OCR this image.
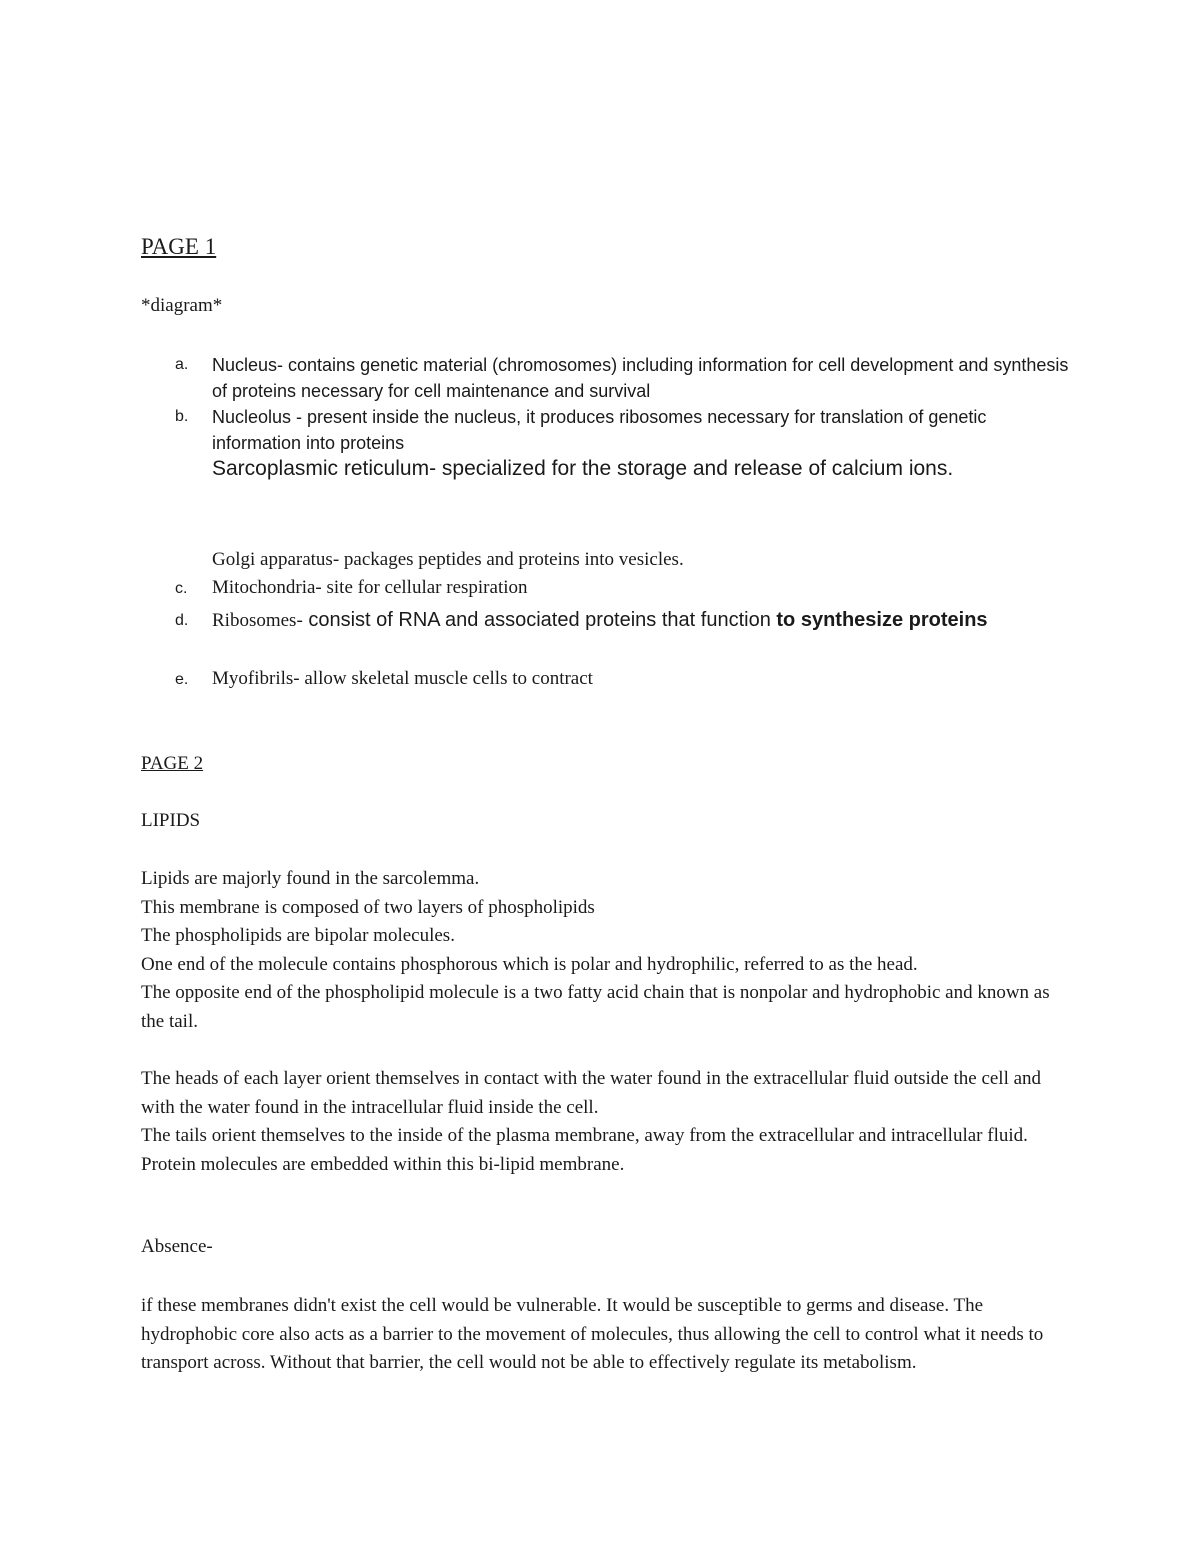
PAGE 1
*diagram*
a. Nucleus- contains genetic material (chromosomes) including information for cell development and synthesis of proteins necessary for cell maintenance and survival
b. Nucleolus - present inside the nucleus, it produces ribosomes necessary for translation of genetic information into proteins
Sarcoplasmic reticulum- specialized for the storage and release of calcium ions.
Golgi apparatus- packages peptides and proteins into vesicles.
c. Mitochondria- site for cellular respiration
d. Ribosomes- consist of RNA and associated proteins that function to synthesize proteins
e. Myofibrils- allow skeletal muscle cells to contract
PAGE 2
LIPIDS
Lipids are majorly found in the sarcolemma.
This membrane is composed of two layers of phospholipids
The phospholipids are bipolar molecules.
One end of the molecule contains phosphorous which is polar and hydrophilic, referred to as the head.
The opposite end of the phospholipid molecule is a two fatty acid chain that is nonpolar and hydrophobic and known as the tail.
The heads of each layer orient themselves in contact with the water found in the extracellular fluid outside the cell and with the water found in the intracellular fluid inside the cell.
The tails orient themselves to the inside of the plasma membrane, away from the extracellular and intracellular fluid.
Protein molecules are embedded within this bi-lipid membrane.
Absence-
if these membranes didn't exist the cell would be vulnerable. It would be susceptible to germs and disease. The hydrophobic core also acts as a barrier to the movement of molecules, thus allowing the cell to control what it needs to transport across. Without that barrier, the cell would not be able to effectively regulate its metabolism.
